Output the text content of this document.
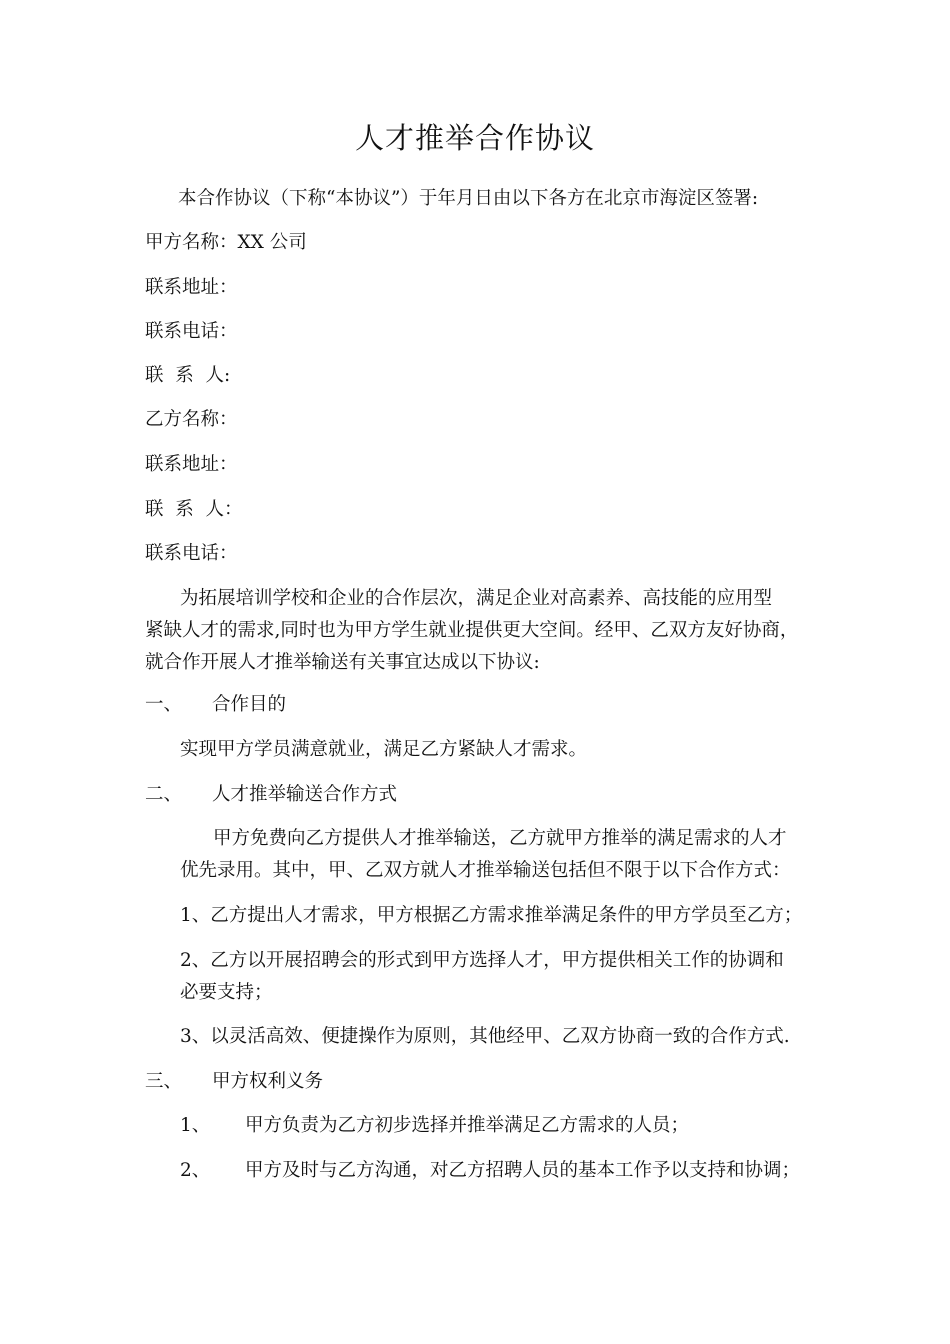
人才推举合作协议

本合作协议（下称“本协议”）于年月日由以下各方在北京市海淀区签署:

甲方名称：XX 公司

联系地址：

联系电话：

联  系  人:

乙方名称：

联系地址：

联  系  人：

联系电话：

为拓展培训学校和企业的合作层次，满足企业对高素养、高技能的应用型
紧缺人才的需求,同时也为甲方学生就业提供更大空间。经甲、乙双方友好协商，
就合作开展人才推举输送有关事宜达成以下协议:

一、 合作目的

实现甲方学员满意就业，满足乙方紧缺人才需求。

二、 人才推举输送合作方式

甲方免费向乙方提供人才推举输送，乙方就甲方推举的满足需求的人才
优先录用。其中，甲、乙双方就人才推举输送包括但不限于以下合作方式：

1、乙方提出人才需求，甲方根据乙方需求推举满足条件的甲方学员至乙方；

2、乙方以开展招聘会的形式到甲方选择人才，甲方提供相关工作的协调和
必要支持；

3、以灵活高效、便捷操作为原则，其他经甲、乙双方协商一致的合作方式.

三、 甲方权利义务

1、 甲方负责为乙方初步选择并推举满足乙方需求的人员；

2、 甲方及时与乙方沟通，对乙方招聘人员的基本工作予以支持和协调；
